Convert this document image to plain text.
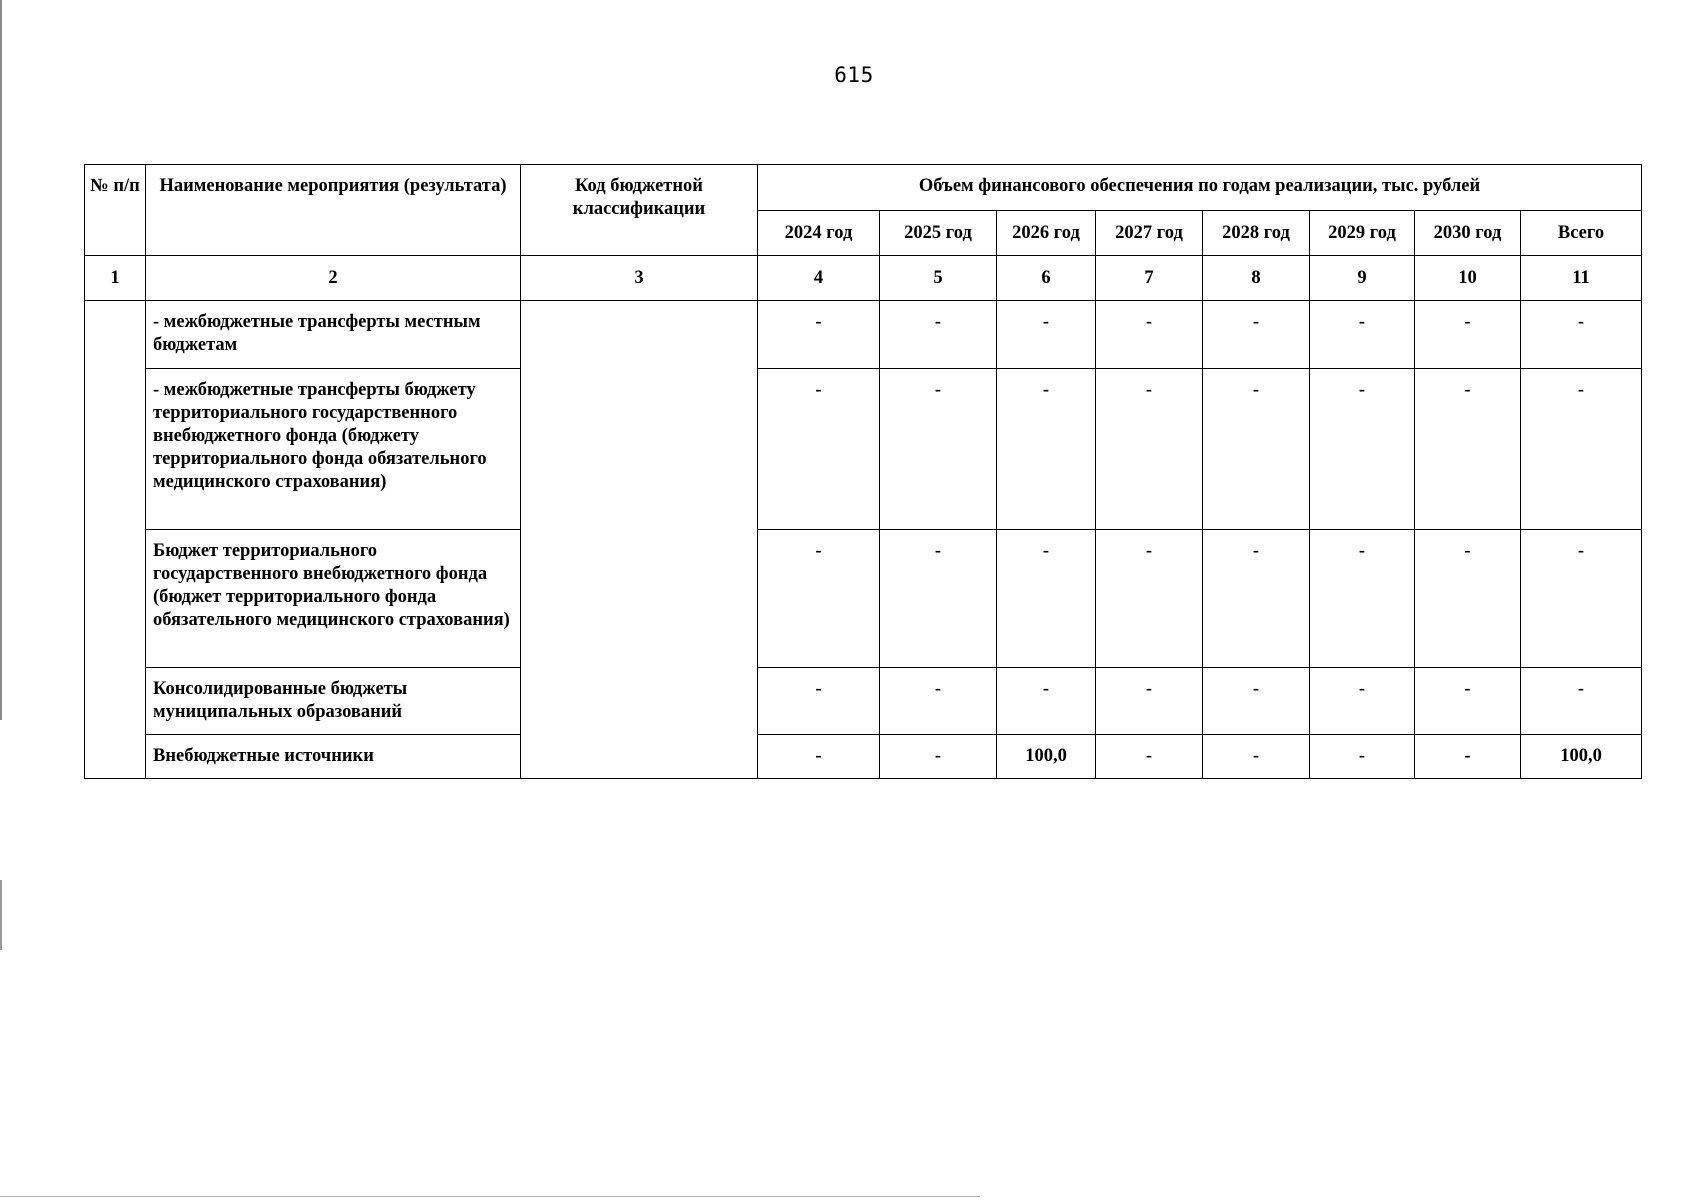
615
№ п/п	Наименование мероприятия (результата)	Код бюджетной классификации	Объем финансового обеспечения по годам реализации, тыс. рублей							
			2024 год	2025 год	2026 год	2027 год	2028 год	2029 год	2030 год	Всего
1	2	3	4	5	6	7	8	9	10	11
	- межбюджетные трансферты местным бюджетам		-	-	-	-	-	-	-	-
	- межбюджетные трансферты бюджету территориального государственного внебюджетного фонда (бюджету территориального фонда обязательного медицинского страхования)		-	-	-	-	-	-	-	-
	Бюджет территориального государственного внебюджетного фонда (бюджет территориального фонда обязательного медицинского страхования)		-	-	-	-	-	-	-	-
	Консолидированные бюджеты муниципальных образований		-	-	-	-	-	-	-	-
	Внебюджетные источники		-	-	100,0	-	-	-	-	100,0
